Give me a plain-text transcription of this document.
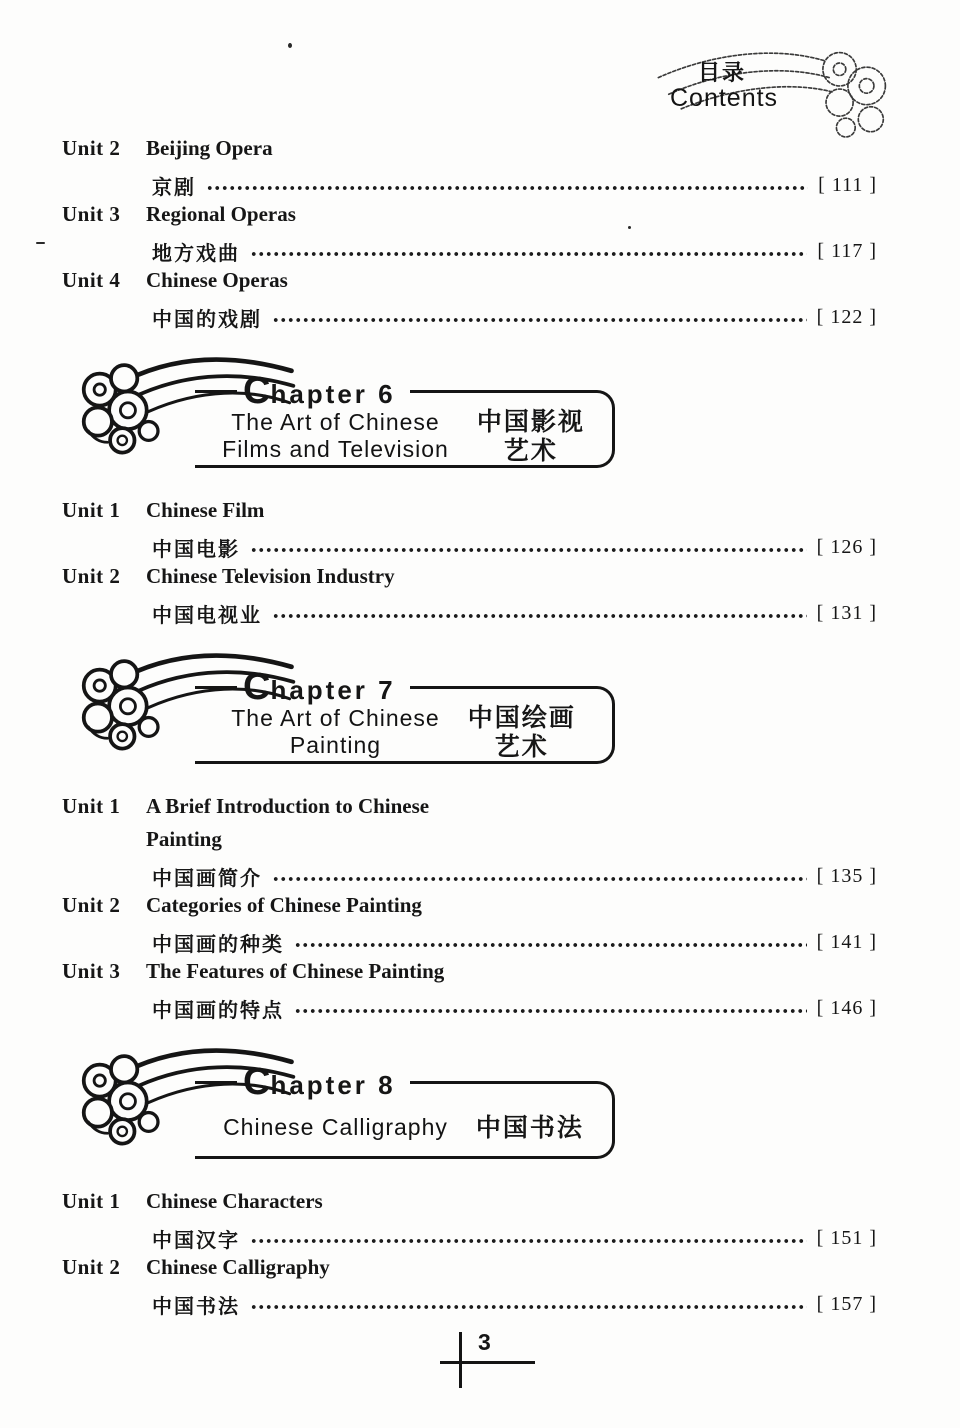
目录
Contents
Unit 2	Beijing Opera
京剧	[ 111 ]
Unit 3	Regional Operas
地方戏曲	[ 117 ]
Unit 4	Chinese Operas
中国的戏剧	[ 122 ]
Chapter 6
The Art of Chinese
Films and Television
中国影视
艺术
Unit 1	Chinese Film
中国电影	[ 126 ]
Unit 2	Chinese Television Industry
中国电视业	[ 131 ]
Chapter 7
The Art of Chinese
Painting
中国绘画
艺术
Unit 1	A Brief Introduction to Chinese
Painting
中国画简介	[ 135 ]
Unit 2	Categories of Chinese Painting
中国画的种类	[ 141 ]
Unit 3	The Features of Chinese Painting
中国画的特点	[ 146 ]
Chapter 8
Chinese Calligraphy 中国书法
Unit 1	Chinese Characters
中国汉字	[ 151 ]
Unit 2	Chinese Calligraphy
中国书法	[ 157 ]
3
